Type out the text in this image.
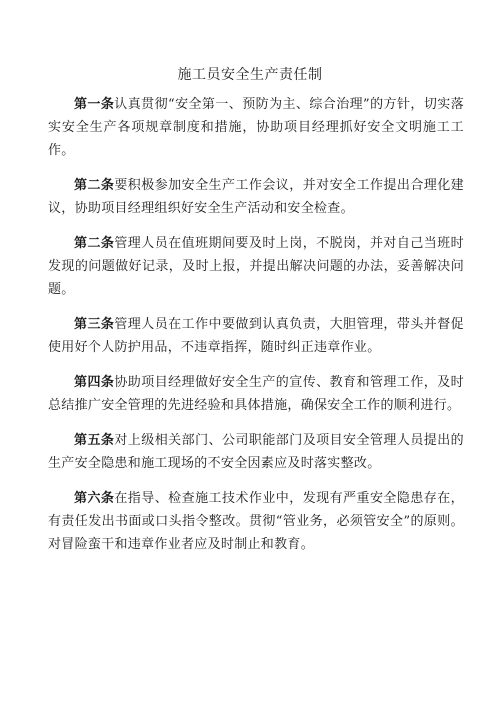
施工员安全生产责任制

第一条认真贯彻“安全第一、预防为主、综合治理”的方针，切实落实安全生产各项规章制度和措施，协助项目经理抓好安全文明施工工作。

第二条要积极参加安全生产工作会议，并对安全工作提出合理化建议，协助项目经理组织好安全生产活动和安全检查。

第二条管理人员在值班期间要及时上岗，不脱岗，并对自己当班时发现的问题做好记录，及时上报，并提出解决问题的办法，妥善解决问题。

第三条管理人员在工作中要做到认真负责，大胆管理，带头并督促使用好个人防护用品，不违章指挥，随时纠正违章作业。

第四条协助项目经理做好安全生产的宣传、教育和管理工作，及时总结推广安全管理的先进经验和具体措施，确保安全工作的顺利进行。

第五条对上级相关部门、公司职能部门及项目安全管理人员提出的生产安全隐患和施工现场的不安全因素应及时落实整改。

第六条在指导、检查施工技术作业中，发现有严重安全隐患存在，有责任发出书面或口头指令整改。贯彻“管业务，必须管安全”的原则。对冒险蛮干和违章作业者应及时制止和教育。
